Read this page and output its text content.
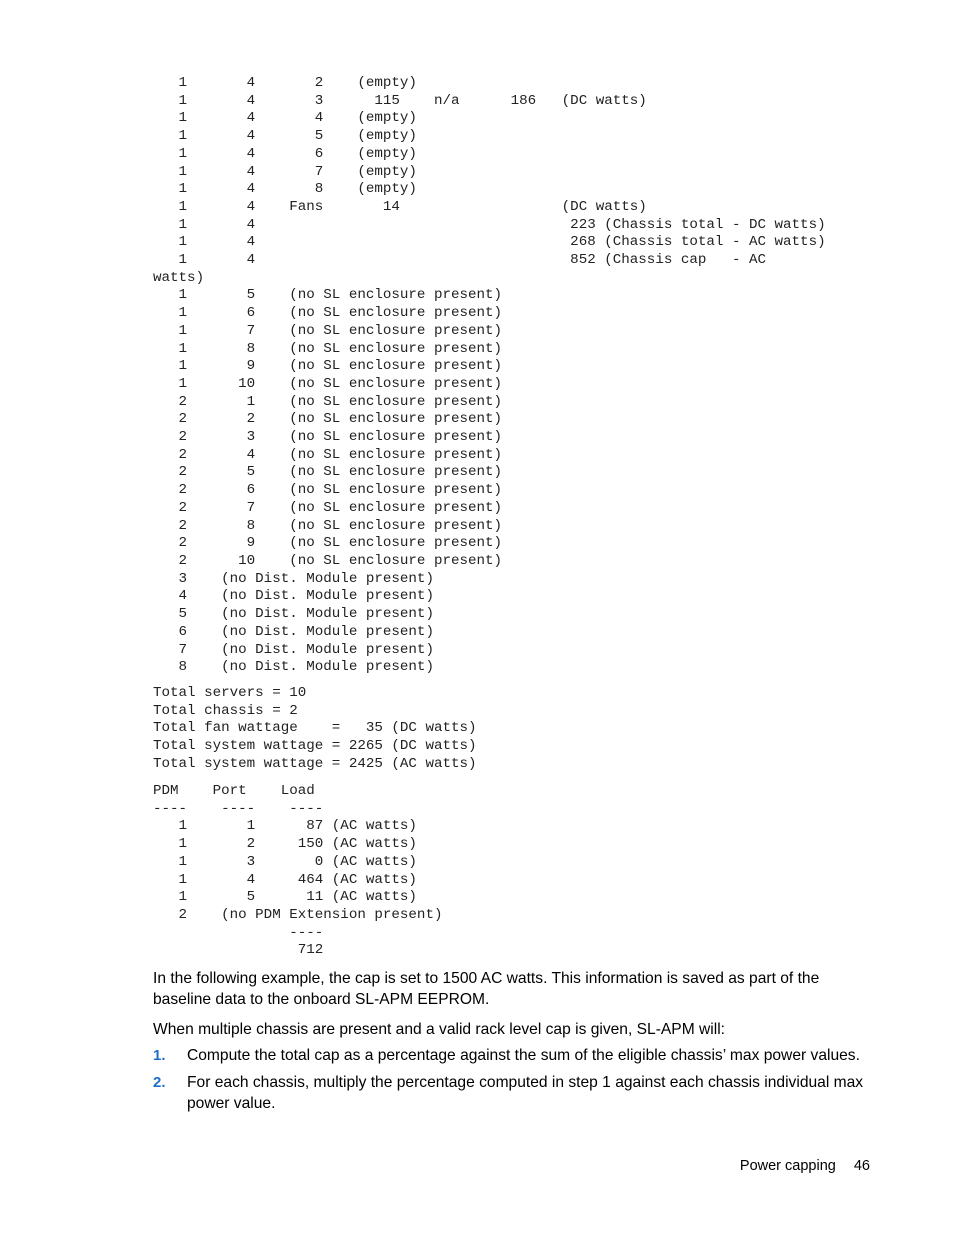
1       4       2    (empty)
1       4       3      115    n/a      186   (DC watts)
1       4       4    (empty)
1       4       5    (empty)
1       4       6    (empty)
1       4       7    (empty)
1       4       8    (empty)
1       4    Fans       14                   (DC watts)
1       4                                     223 (Chassis total - DC watts)
1       4                                     268 (Chassis total - AC watts)
1       4                                     852 (Chassis cap   - AC
watts)
1       5    (no SL enclosure present)
1       6    (no SL enclosure present)
1       7    (no SL enclosure present)
1       8    (no SL enclosure present)
1       9    (no SL enclosure present)
1      10    (no SL enclosure present)
2       1    (no SL enclosure present)
2       2    (no SL enclosure present)
2       3    (no SL enclosure present)
2       4    (no SL enclosure present)
2       5    (no SL enclosure present)
2       6    (no SL enclosure present)
2       7    (no SL enclosure present)
2       8    (no SL enclosure present)
2       9    (no SL enclosure present)
2      10    (no SL enclosure present)
3    (no Dist. Module present)
4    (no Dist. Module present)
5    (no Dist. Module present)
6    (no Dist. Module present)
7    (no Dist. Module present)
8    (no Dist. Module present)
Total servers = 10
Total chassis = 2
Total fan wattage    =   35 (DC watts)
Total system wattage = 2265 (DC watts)
Total system wattage = 2425 (AC watts)
PDM    Port    Load
----    ----    ----
1       1      87 (AC watts)
1       2     150 (AC watts)
1       3       0 (AC watts)
1       4     464 (AC watts)
1       5      11 (AC watts)
2    (no PDM Extension present)
----
712

In the following example, the cap is set to 1500 AC watts. This information is saved as part of the baseline data to the onboard SL-APM EEPROM.

When multiple chassis are present and a valid rack level cap is given, SL-APM will:

1. Compute the total cap as a percentage against the sum of the eligible chassis’ max power values.
2. For each chassis, multiply the percentage computed in step 1 against each chassis individual max power value.
Power capping 46
